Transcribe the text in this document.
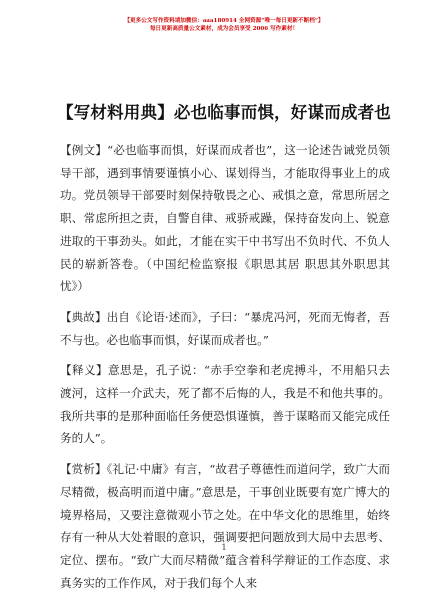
【更多公文写作资料请加微信：aaa180914 全网资源“唯一每日更新不断档”】
每日更新高质量公文素材，成为会员享受 2006 写作素材！
【写材料用典】必也临事而惧，好谋而成者也

【例文】“必也临事而惧，好谋而成者也”，这一论述告诫党员领导干部，遇到事情要谨慎小心、谋划得当，才能取得事业上的成功。党员领导干部要时刻保持敬畏之心、戒惧之意，常思所居之职、常虑所担之责，自警自律、戒骄戒躁，保持奋发向上、锐意进取的干事劲头。如此，才能在实干中书写出不负时代、不负人民的崭新答卷。（中国纪检监察报《职思其居 职思其外职思其忧》）

【典故】出自《论语·述而》，子曰：“暴虎冯河，死而无悔者，吾不与也。必也临事而惧，好谋而成者也。”

【释义】意思是，孔子说：“赤手空拳和老虎搏斗，不用船只去渡河，这样一介武夫，死了都不后悔的人，我是不和他共事的。我所共事的是那种面临任务便恐惧谨慎，善于谋略而又能完成任务的人”。

【赏析】《礼记·中庸》有言，“故君子尊德性而道问学，致广大而尽精微，极高明而道中庸。”意思是，干事创业既要有宽广博大的境界格局，又要注意微观小节之处。在中华文化的思维里，始终存有一种从大处着眼的意识，强调要把问题放到大局中去思考、定位、摆布。“致广大而尽精微”蕴含着科学辩证的工作态度、求真务实的工作作风，对于我们每个人来

1
